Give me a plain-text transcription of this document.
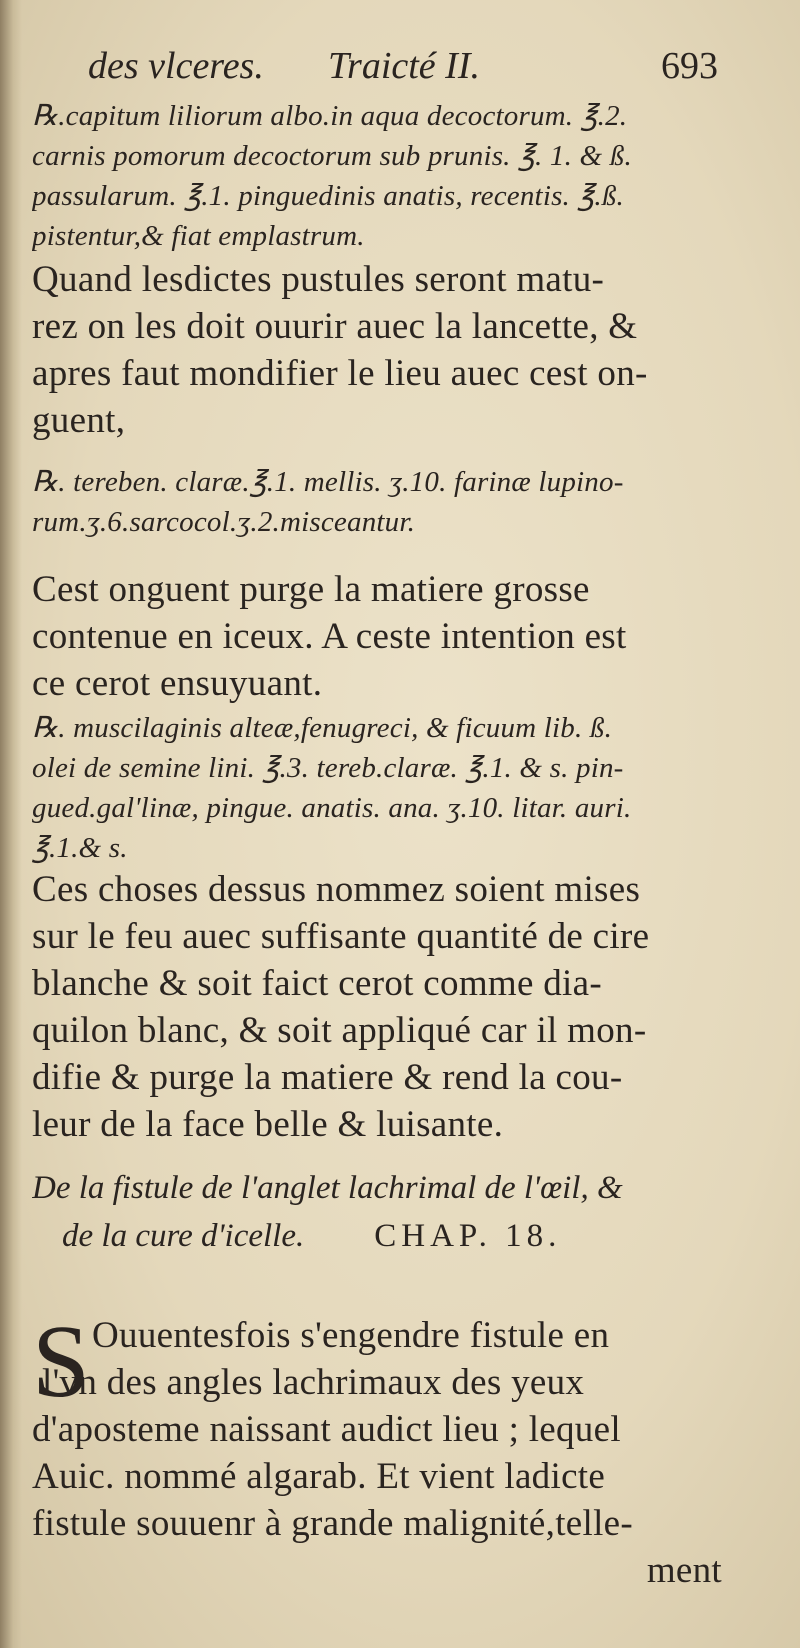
des vlceres. Traicté II.	693
℞.capitum liliorum albo.in aqua decoctorum. ℥.2.
carnis pomorum decoctorum sub prunis. ℥. 1. & ß.
passularum. ℥.1. pinguedinis anatis, recentis. ℥.ß.
pistentur,& fiat emplastrum.
Quand lesdictes pustules seront matu-
rez on les doit ouurir auec la lancette, &
apres faut mondifier le lieu auec cest on-
guent,
℞. tereben. claræ.℥.1. mellis. ʒ.10. farinæ lupino-
rum.ʒ.6.sarcocol.ʒ.2.misceantur.
Cest onguent purge la matiere grosse
contenue en iceux. A ceste intention est
ce cerot ensuyuant.
℞. muscilaginis alteæ,fenugreci, & ficuum lib. ß.
olei de semine lini. ℥.3. tereb.claræ. ℥.1. & s. pin-
gued.gal'linæ, pingue. anatis. ana. ʒ.10. litar. auri.
℥.1.& s.
Ces choses dessus nommez soient mises
sur le feu auec suffisante quantité de cire
blanche & soit faict cerot comme dia-
quilon blanc, & soit appliqué car il mon-
difie & purge la matiere & rend la cou-
leur de la face belle & luisante.
De la fistule de l'anglet lachrimal de l'œil, &
de la cure d'icelle. CHAP. 18.
S Ouuentesfois s'engendre fistule en
l'vn des angles lachrimaux des yeux
d'aposteme naissant audict lieu ; lequel
Auic. nommé algarab. Et vient ladicte
fistule souuenr à grande malignité,telle-
ment
